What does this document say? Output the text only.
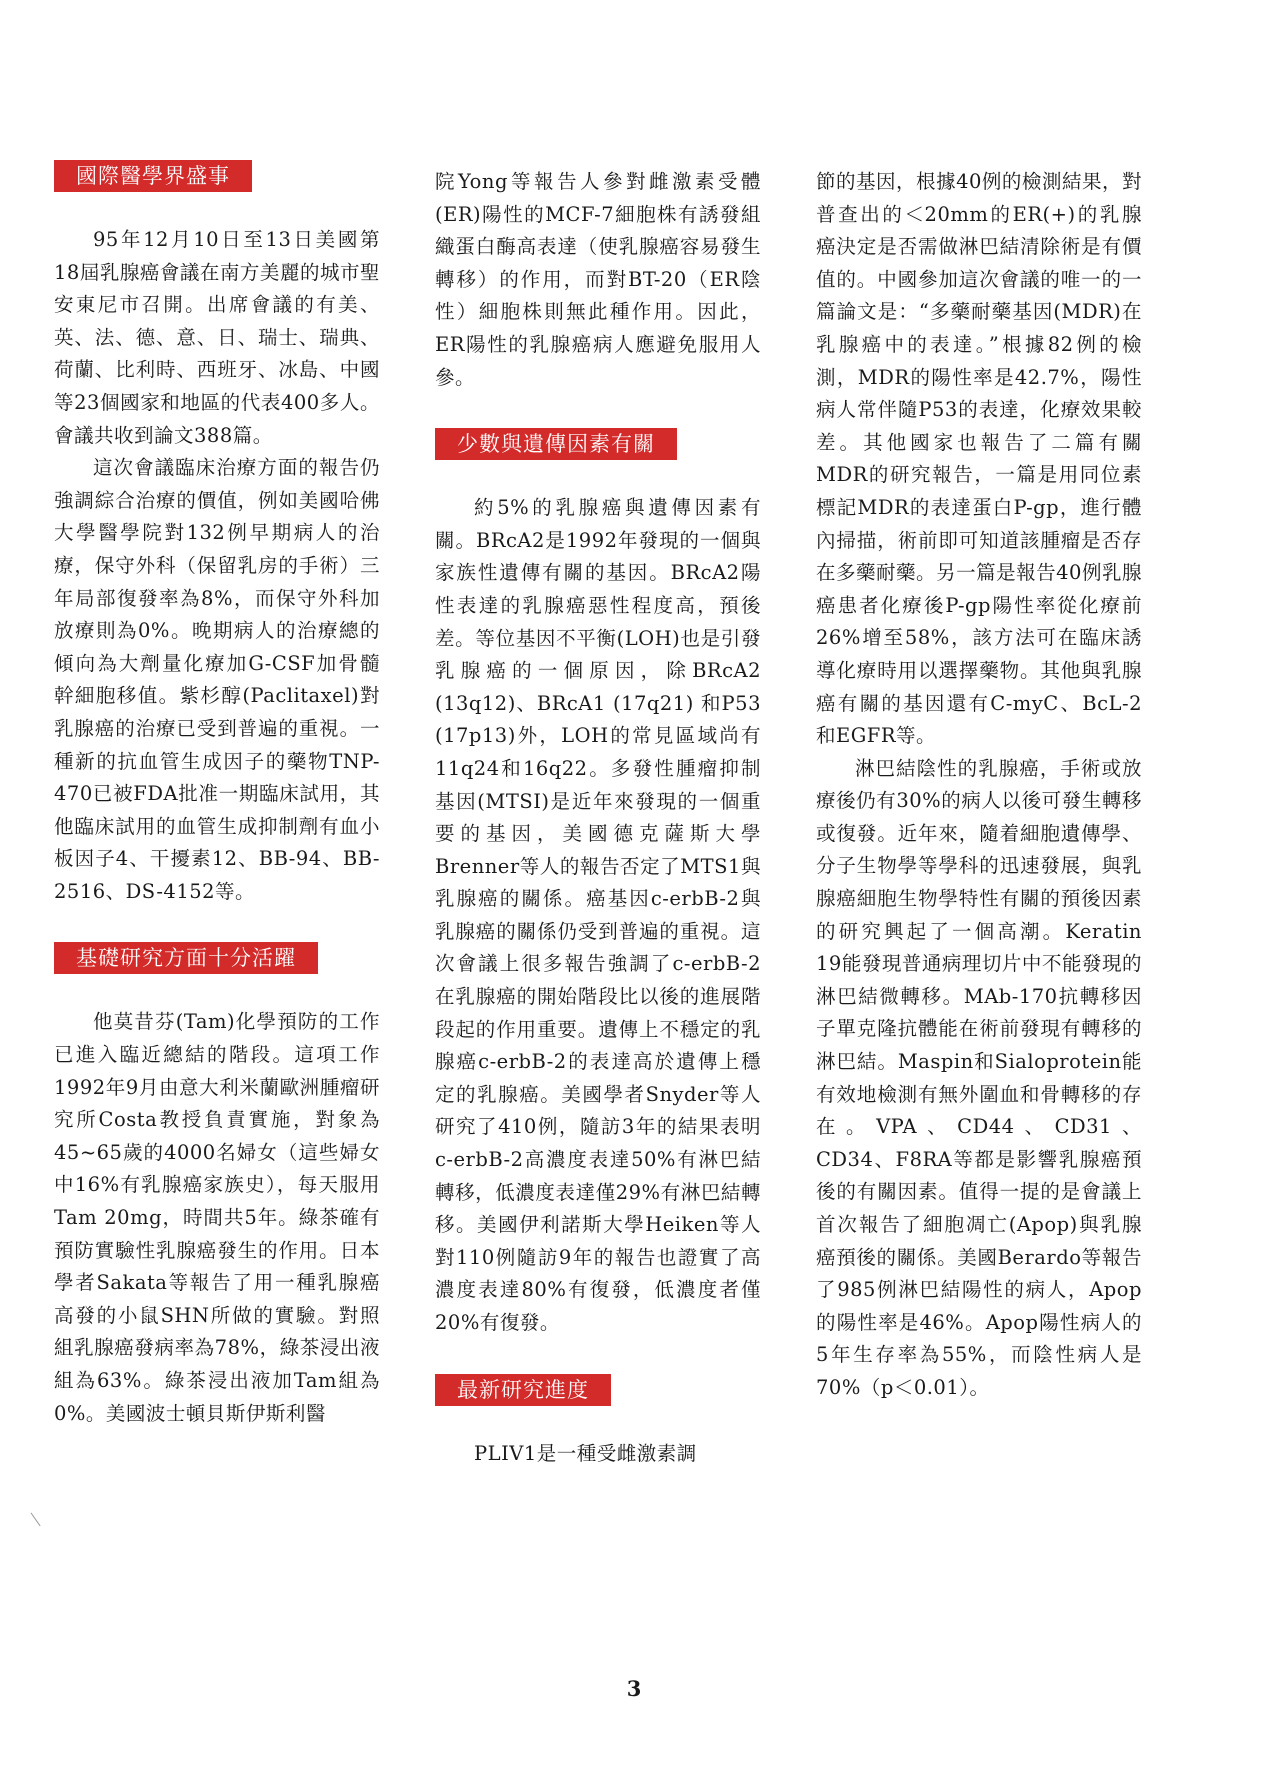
國際醫學界盛事

95年12月10日至13日美國第18屆乳腺癌會議在南方美麗的城市聖安東尼市召開。出席會議的有美、英、法、德、意、日、瑞士、瑞典、荷蘭、比利時、西班牙、冰島、中國等23個國家和地區的代表400多人。會議共收到論文388篇。

這次會議臨床治療方面的報告仍強調綜合治療的價值，例如美國哈佛大學醫學院對132例早期病人的治療，保守外科（保留乳房的手術）三年局部復發率為8%，而保守外科加放療則為0%。晚期病人的治療總的傾向為大劑量化療加G-CSF加骨髓幹細胞移值。紫杉醇(Paclitaxel)對乳腺癌的治療已受到普遍的重視。一種新的抗血管生成因子的藥物TNP-470已被FDA批准一期臨床試用，其他臨床試用的血管生成抑制劑有血小板因子4、干擾素12、BB-94、BB-2516、DS-4152等。

基礎研究方面十分活躍

他莫昔芬(Tam)化學預防的工作已進入臨近總結的階段。這項工作1992年9月由意大利米蘭歐洲腫瘤研究所Costa教授負責實施，對象為45~65歲的4000名婦女（這些婦女中16%有乳腺癌家族史），每天服用Tam 20mg，時間共5年。綠茶確有預防實驗性乳腺癌發生的作用。日本學者Sakata等報告了用一種乳腺癌高發的小鼠SHN所做的實驗。對照組乳腺癌發病率為78%，綠茶浸出液組為63%。綠茶浸出液加Tam組為0%。美國波士頓貝斯伊斯利醫

院Yong等報告人參對雌激素受體(ER)陽性的MCF-7細胞株有誘發組織蛋白酶高表達（使乳腺癌容易發生轉移）的作用，而對BT-20（ER陰性）細胞株則無此種作用。因此，ER陽性的乳腺癌病人應避免服用人參。

少數與遺傳因素有關

約5%的乳腺癌與遺傳因素有關。BRcA2是1992年發現的一個與家族性遺傳有關的基因。BRcA2陽性表達的乳腺癌惡性程度高，預後差。等位基因不平衡(LOH)也是引發乳腺癌的一個原因，除BRcA2 (13q12)、BRcA1 (17q21) 和P53 (17p13)外，LOH的常見區域尚有11q24和16q22。多發性腫瘤抑制基因(MTSI)是近年來發現的一個重要的基因，美國德克薩斯大學Brenner等人的報告否定了MTS1與乳腺癌的關係。癌基因c-erbB-2與乳腺癌的關係仍受到普遍的重視。這次會議上很多報告強調了c-erbB-2在乳腺癌的開始階段比以後的進展階段起的作用重要。遺傳上不穩定的乳腺癌c-erbB-2的表達高於遺傳上穩定的乳腺癌。美國學者Snyder等人研究了410例，隨訪3年的結果表明c-erbB-2高濃度表達50%有淋巴結轉移，低濃度表達僅29%有淋巴結轉移。美國伊利諾斯大學Heiken等人對110例隨訪9年的報告也證實了高濃度表達80%有復發，低濃度者僅20%有復發。

最新研究進度

PLIV1是一種受雌激素調

節的基因，根據40例的檢測結果，對普查出的＜20mm的ER(+)的乳腺癌決定是否需做淋巴結清除術是有價值的。中國參加這次會議的唯一的一篇論文是：“多藥耐藥基因(MDR)在乳腺癌中的表達。”根據82例的檢測，MDR的陽性率是42.7%，陽性病人常伴隨P53的表達，化療效果較差。其他國家也報告了二篇有關MDR的研究報告，一篇是用同位素標記MDR的表達蛋白P-gp，進行體內掃描，術前即可知道該腫瘤是否存在多藥耐藥。另一篇是報告40例乳腺癌患者化療後P-gp陽性率從化療前26%增至58%，該方法可在臨床誘導化療時用以選擇藥物。其他與乳腺癌有關的基因還有C-myC、BcL-2和EGFR等。

淋巴結陰性的乳腺癌，手術或放療後仍有30%的病人以後可發生轉移或復發。近年來，隨着細胞遺傳學、分子生物學等學科的迅速發展，與乳腺癌細胞生物學特性有關的預後因素的研究興起了一個高潮。Keratin 19能發現普通病理切片中不能發現的淋巴結微轉移。MAb-170抗轉移因子單克隆抗體能在術前發現有轉移的淋巴結。Maspin和Sialoprotein能有效地檢測有無外圍血和骨轉移的存在。VPA、CD44、CD31、CD34、F8RA等都是影響乳腺癌預後的有關因素。值得一提的是會議上首次報告了細胞凋亡(Apop)與乳腺癌預後的關係。美國Berardo等報告了985例淋巴結陽性的病人，Apop的陽性率是46%。Apop陽性病人的5年生存率為55%，而陰性病人是70%（p＜0.01）。

3
